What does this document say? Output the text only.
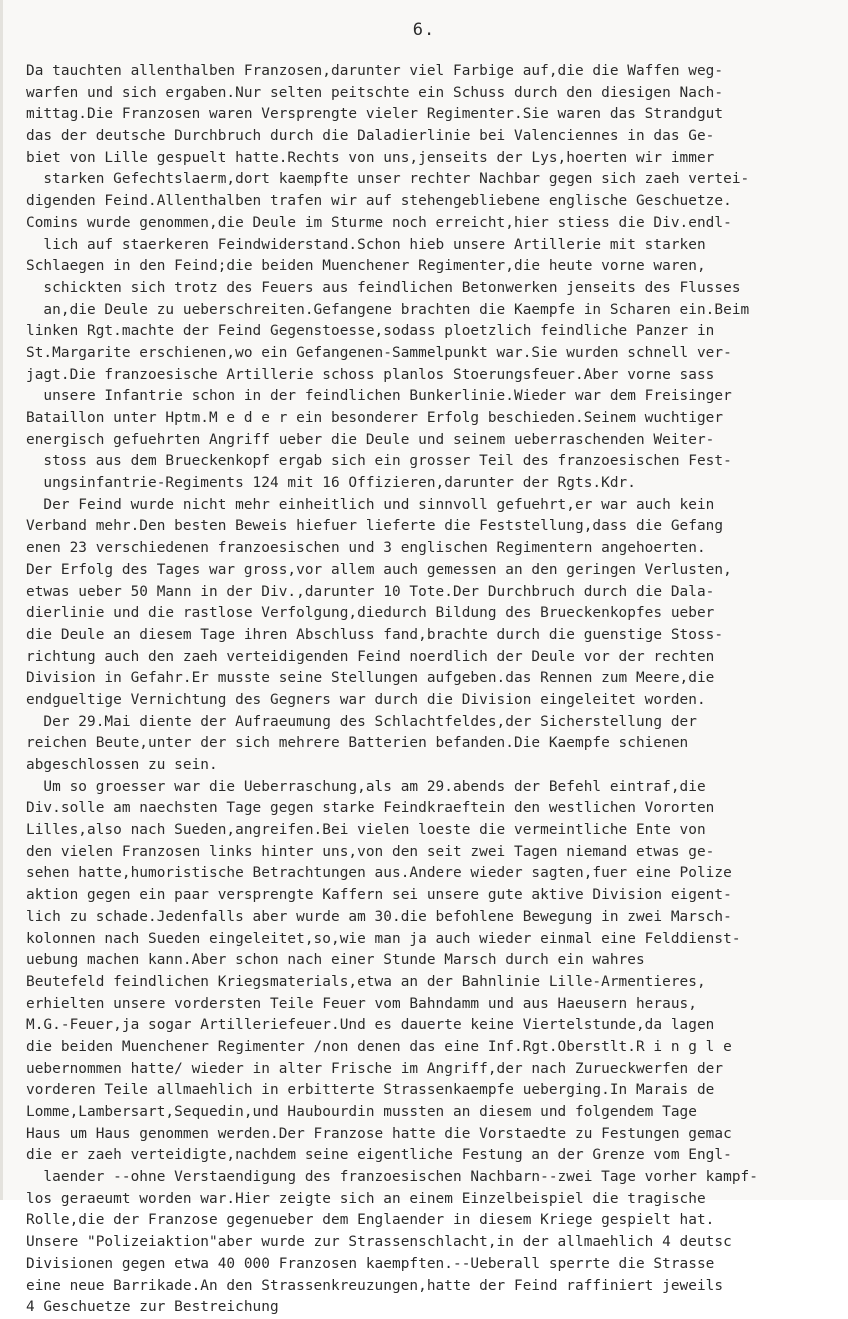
6.
Da tauchten allenthalben Franzosen,darunter viel Farbige auf,die die Waffen weg-
warfen und sich ergaben.Nur selten peitschte ein Schuss durch den diesigen Nach-
mittag.Die Franzosen waren Versprengte vieler Regimenter.Sie waren das Strandgut
das der deutsche Durchbruch durch die Daladierlinie bei Valenciennes in das Ge-
biet von Lille gespuelt hatte.Rechts von uns,jenseits der Lys,hoerten wir immer
starken Gefechtslaerm,dort kaempfte unser rechter Nachbar gegen sich zaeh vertei-
digenden Feind.Allenthalben trafen wir auf stehengebliebene englische Geschuetze.
Comins wurde genommen,die Deule im Sturme noch erreicht,hier stiess die Div.endl-
lich auf staerkeren Feindwiderstand.Schon hieb unsere Artillerie mit starken
Schlaegen in den Feind;die beiden Muenchener Regimenter,die heute vorne waren,
schickten sich trotz des Feuers aus feindlichen Betonwerken jenseits des Flusses
an,die Deule zu ueberschreiten.Gefangene brachten die Kaempfe in Scharen ein.Beim
linken Rgt.machte der Feind Gegenstoesse,sodass ploetzlich feindliche Panzer in
St.Margarite erschienen,wo ein Gefangenen-Sammelpunkt war.Sie wurden schnell ver-
jagt.Die franzoesische Artillerie schoss planlos Stoerungsfeuer.Aber vorne sass
unsere Infantrie schon in der feindlichen Bunkerlinie.Wieder war dem Freisinger
Bataillon unter Hptm.M e d e r ein besonderer Erfolg beschieden.Seinem wuchtiger
energisch gefuehrten Angriff ueber die Deule und seinem ueberraschenden Weiter-
stoss aus dem Brueckenkopf ergab sich ein grosser Teil des franzoesischen Fest-
ungsinfantrie-Regiments 124 mit 16 Offizieren,darunter der Rgts.Kdr.
Der Feind wurde nicht mehr einheitlich und sinnvoll gefuehrt,er war auch kein
Verband mehr.Den besten Beweis hiefuer lieferte die Feststellung,dass die Gefang
enen 23 verschiedenen franzoesischen und 3 englischen Regimentern angehoerten.
Der Erfolg des Tages war gross,vor allem auch gemessen an den geringen Verlusten,
etwas ueber 50 Mann in der Div.,darunter 10 Tote.Der Durchbruch durch die Dala-
dierlinie und die rastlose Verfolgung,diedurch Bildung des Brueckenkopfes ueber
die Deule an diesem Tage ihren Abschluss fand,brachte durch die guenstige Stoss-
richtung auch den zaeh verteidigenden Feind noerdlich der Deule vor der rechten
Division in Gefahr.Er musste seine Stellungen aufgeben.das Rennen zum Meere,die
endgueltige Vernichtung des Gegners war durch die Division eingeleitet worden.
Der 29.Mai diente der Aufraeumung des Schlachtfeldes,der Sicherstellung der
reichen Beute,unter der sich mehrere Batterien befanden.Die Kaempfe schienen
abgeschlossen zu sein.
Um so groesser war die Ueberraschung,als am 29.abends der Befehl eintraf,die
Div.solle am naechsten Tage gegen starke Feindkraeftein den westlichen Vororten
Lilles,also nach Sueden,angreifen.Bei vielen loeste die vermeintliche Ente von
den vielen Franzosen links hinter uns,von den seit zwei Tagen niemand etwas ge-
sehen hatte,humoristische Betrachtungen aus.Andere wieder sagten,fuer eine Polize
aktion gegen ein paar versprengte Kaffern sei unsere gute aktive Division eigent-
lich zu schade.Jedenfalls aber wurde am 30.die befohlene Bewegung in zwei Marsch-
kolonnen nach Sueden eingeleitet,so,wie man ja auch wieder einmal eine Felddienst-
uebung machen kann.Aber schon nach einer Stunde Marsch durch ein wahres
Beutefeld feindlichen Kriegsmaterials,etwa an der Bahnlinie Lille-Armentieres,
erhielten unsere vordersten Teile Feuer vom Bahndamm und aus Haeusern heraus,
M.G.-Feuer,ja sogar Artilleriefeuer.Und es dauerte keine Viertelstunde,da lagen
die beiden Muenchener Regimenter /non denen das eine Inf.Rgt.Oberstlt.R i n g l e
uebernommen hatte/ wieder in alter Frische im Angriff,der nach Zurueckwerfen der
vorderen Teile allmaehlich in erbitterte Strassenkaempfe ueberging.In Marais de
Lomme,Lambersart,Sequedin,und Haubourdin mussten an diesem und folgendem Tage
Haus um Haus genommen werden.Der Franzose hatte die Vorstaedte zu Festungen gemac
die er zaeh verteidigte,nachdem seine eigentliche Festung an der Grenze vom Engl-
laender --ohne Verstaendigung des franzoesischen Nachbarn--zwei Tage vorher kampf-
los geraeumt worden war.Hier zeigte sich an einem Einzelbeispiel die tragische
Rolle,die der Franzose gegenueber dem Englaender in diesem Kriege gespielt hat.
Unsere "Polizeiaktion"aber wurde zur Strassenschlacht,in der allmaehlich 4 deutsc
Divisionen gegen etwa 40 000 Franzosen kaempften.--Ueberall sperrte die Strasse
eine neue Barrikade.An den Strassenkreuzungen,hatte der Feind raffiniert jeweils
4 Geschuetze zur Bestreichung
